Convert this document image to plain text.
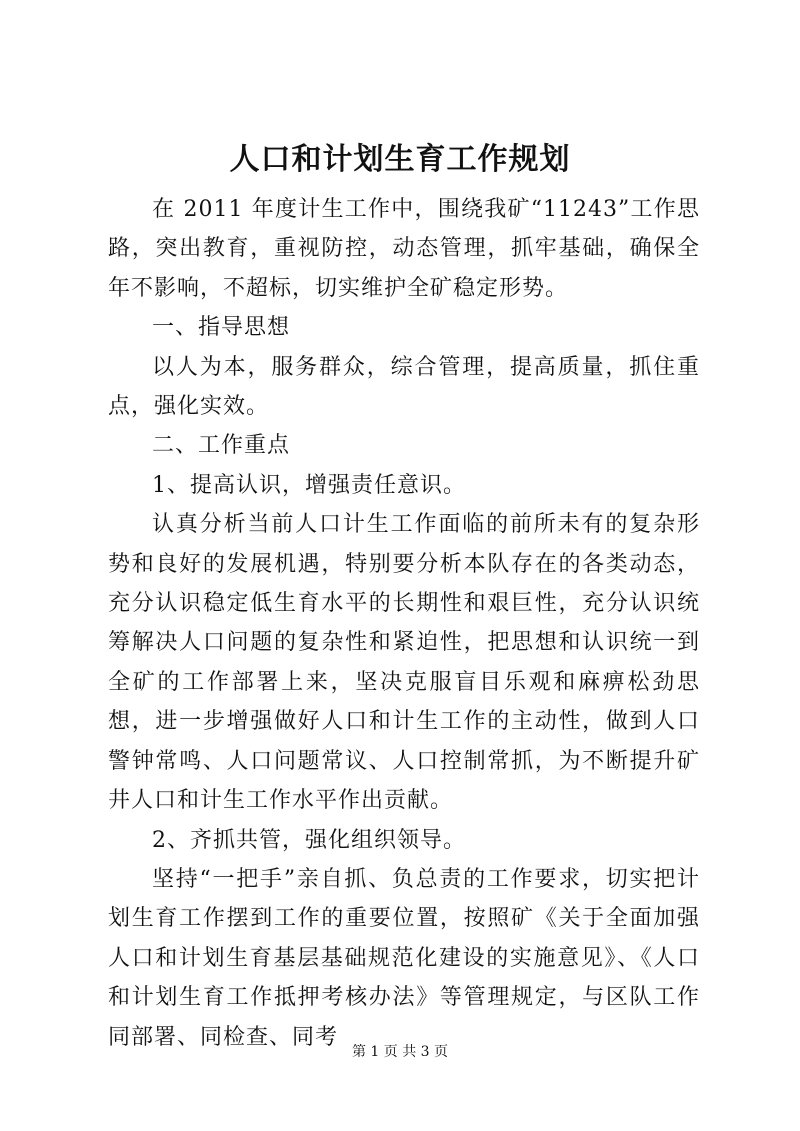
人口和计划生育工作规划

在 2011 年度计生工作中，围绕我矿“11243”工作思路，突出教育，重视防控，动态管理，抓牢基础，确保全年不影响，不超标，切实维护全矿稳定形势。

一、指导思想

以人为本，服务群众，综合管理，提高质量，抓住重点，强化实效。

二、工作重点

1、提高认识，增强责任意识。

认真分析当前人口计生工作面临的前所未有的复杂形势和良好的发展机遇，特别要分析本队存在的各类动态，充分认识稳定低生育水平的长期性和艰巨性，充分认识统筹解决人口问题的复杂性和紧迫性，把思想和认识统一到全矿的工作部署上来，坚决克服盲目乐观和麻痹松劲思想，进一步增强做好人口和计生工作的主动性，做到人口警钟常鸣、人口问题常议、人口控制常抓，为不断提升矿井人口和计生工作水平作出贡献。

2、齐抓共管，强化组织领导。

坚持“一把手”亲自抓、负总责的工作要求，切实把计划生育工作摆到工作的重要位置，按照矿《关于全面加强人口和计划生育基层基础规范化建设的实施意见》、《人口和计划生育工作抵押考核办法》等管理规定，与区队工作同部署、同检查、同考

第 1 页 共 3 页
